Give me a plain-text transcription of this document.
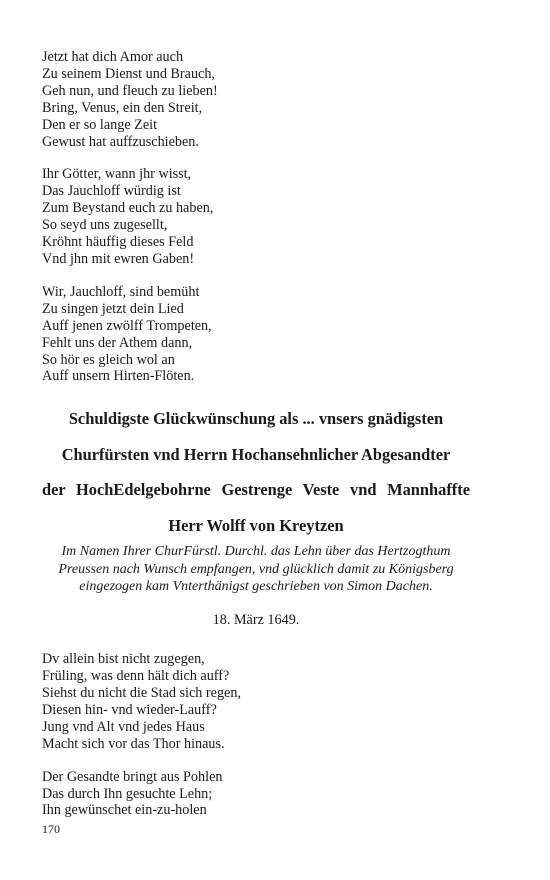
Jetzt hat dich Amor auch
Zu seinem Dienst und Brauch,
Geh nun, und fleuch zu lieben!
Bring, Venus, ein den Streit,
Den er so lange Zeit
Gewust hat auffzuschieben.
Ihr Götter, wann jhr wisst,
Das Jauchloff würdig ist
Zum Beystand euch zu haben,
So seyd uns zugesellt,
Kröhnt häuffig dieses Feld
Vnd jhn mit ewren Gaben!
Wir, Jauchloff, sind bemüht
Zu singen jetzt dein Lied
Auff jenen zwölff Trompeten,
Fehlt uns der Athem dann,
So hör es gleich wol an
Auff unsern Hirten-Flöten.
Schuldigste Glückwünschung als ... vnsers gnädigsten
Churfürsten vnd Herrn Hochansehnlicher Abgesandter
der HochEdelgebohrne Gestrenge Veste vnd Mannhaffte
Herr Wolff von Kreytzen
Im Namen Ihrer ChurFürstl. Durchl. das Lehn über das Hertzogthum
Preussen nach Wunsch empfangen, vnd glücklich damit zu Königsberg
eingezogen kam Vnterthänigst geschrieben von Simon Dachen.
18. März 1649.
Dv allein bist nicht zugegen,
Früling, was denn hält dich auff?
Siehst du nicht die Stad sich regen,
Diesen hin- vnd wieder-Lauff?
Jung vnd Alt vnd jedes Haus
Macht sich vor das Thor hinaus.
Der Gesandte bringt aus Pohlen
Das durch Ihn gesuchte Lehn;
Ihn gewünschet ein-zu-holen
170
